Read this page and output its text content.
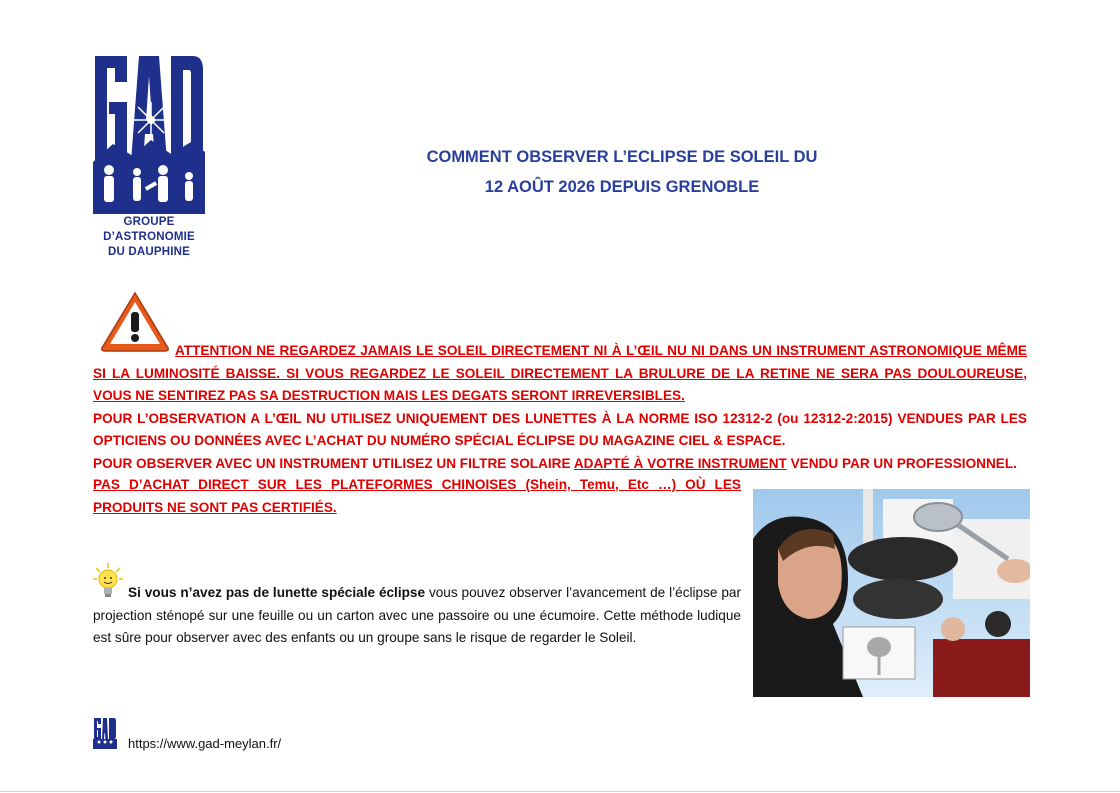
GROUPE
D’ASTRONOMIE
DU DAUPHINE
COMMENT OBSERVER L’ECLIPSE DE SOLEIL DU
12 AOÛT 2026 DEPUIS GRENOBLE

ATTENTION NE REGARDEZ JAMAIS LE SOLEIL DIRECTEMENT NI À L’ŒIL NU NI DANS UN INSTRUMENT ASTRONOMIQUE MÊME SI LA LUMINOSITÉ BAISSE. SI VOUS REGARDEZ LE SOLEIL DIRECTEMENT LA BRULURE DE LA RETINE NE SERA PAS DOULOUREUSE, VOUS NE SENTIREZ PAS SA DESTRUCTION MAIS LES DEGATS SERONT IRREVERSIBLES.

POUR L’OBSERVATION A L’ŒIL NU UTILISEZ UNIQUEMENT DES LUNETTES À LA NORME ISO 12312-2 (ou 12312-2:2015) VENDUES PAR LES OPTICIENS OU DONNÉES AVEC L’ACHAT DU NUMÉRO SPÉCIAL ÉCLIPSE DU MAGAZINE CIEL & ESPACE.

POUR OBSERVER AVEC UN INSTRUMENT UTILISEZ UN FILTRE SOLAIRE ADAPTÉ À VOTRE INSTRUMENT VENDU PAR UN PROFESSIONNEL.

PAS D’ACHAT DIRECT SUR LES PLATEFORMES CHINOISES (Shein, Temu, Etc …) OÙ LES PRODUITS NE SONT PAS CERTIFIÉS.
Si vous n’avez pas de lunette spéciale éclipse vous pouvez observer l’avancement de l’éclipse par projection sténopé sur une feuille ou un carton avec une passoire ou une écumoire. Cette méthode ludique est sûre pour observer avec des enfants ou un groupe sans le risque de regarder le Soleil.
https://www.gad-meylan.fr/
